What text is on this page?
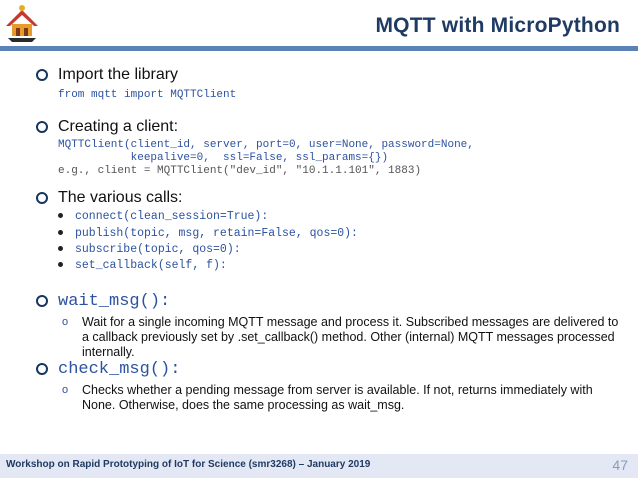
MQTT with MicroPython
Import the library
from mqtt import MQTTClient
Creating a client:
MQTTClient(client_id, server, port=0, user=None, password=None,
keepalive=0,  ssl=False, ssl_params={})
e.g., client = MQTTClient("dev_id", "10.1.1.101", 1883)
The various calls:
connect(clean_session=True):
publish(topic, msg, retain=False, qos=0):
subscribe(topic, qos=0):
set_callback(self, f):
wait_msg():
o Wait for a single incoming MQTT message and process it. Subscribed messages are delivered to a callback previously set by .set_callback() method. Other (internal) MQTT messages processed internally.
check_msg():
o Checks whether a pending message from server is available. If not, returns immediately with None. Otherwise, does the same processing as wait_msg.
Workshop on Rapid Prototyping of IoT for Science (smr3268) – January 2019	47
